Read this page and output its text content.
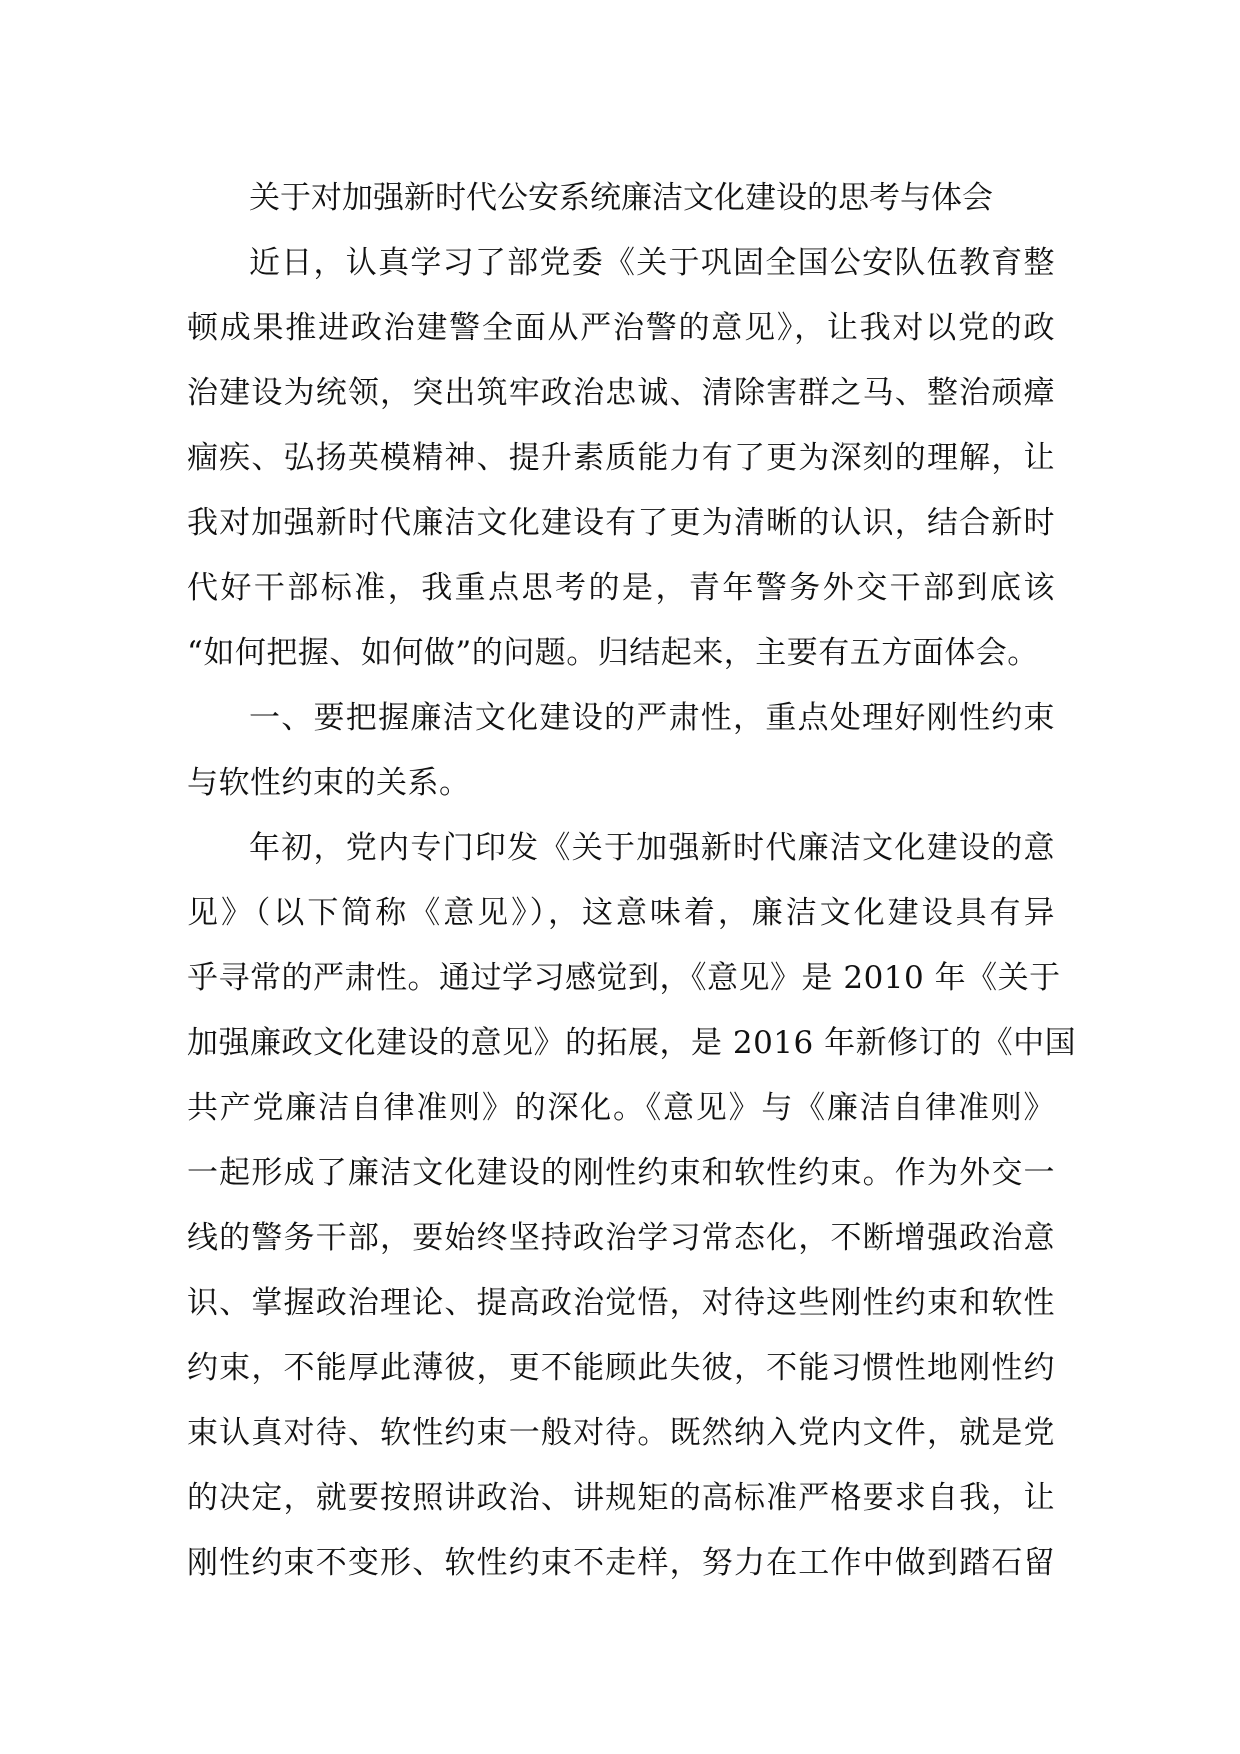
关于对加强新时代公安系统廉洁文化建设的思考与体会
近日，认真学习了部党委《关于巩固全国公安队伍教育整
顿成果推进政治建警全面从严治警的意见》，让我对以党的政
治建设为统领，突出筑牢政治忠诚、清除害群之马、整治顽瘴
痼疾、弘扬英模精神、提升素质能力有了更为深刻的理解，让
我对加强新时代廉洁文化建设有了更为清晰的认识，结合新时
代好干部标准，我重点思考的是，青年警务外交干部到底该
“如何把握、如何做”的问题。归结起来，主要有五方面体会。
一、要把握廉洁文化建设的严肃性，重点处理好刚性约束
与软性约束的关系。
年初，党内专门印发《关于加强新时代廉洁文化建设的意
见》（以下简称《意见》），这意味着，廉洁文化建设具有异
乎寻常的严肃性。通过学习感觉到，《意见》是 2010 年《关于
加强廉政文化建设的意见》的拓展，是 2016 年新修订的《中国
共产党廉洁自律准则》的深化。《意见》与《廉洁自律准则》
一起形成了廉洁文化建设的刚性约束和软性约束。作为外交一
线的警务干部，要始终坚持政治学习常态化，不断增强政治意
识、掌握政治理论、提高政治觉悟，对待这些刚性约束和软性
约束，不能厚此薄彼，更不能顾此失彼，不能习惯性地刚性约
束认真对待、软性约束一般对待。既然纳入党内文件，就是党
的决定，就要按照讲政治、讲规矩的高标准严格要求自我，让
刚性约束不变形、软性约束不走样，努力在工作中做到踏石留
